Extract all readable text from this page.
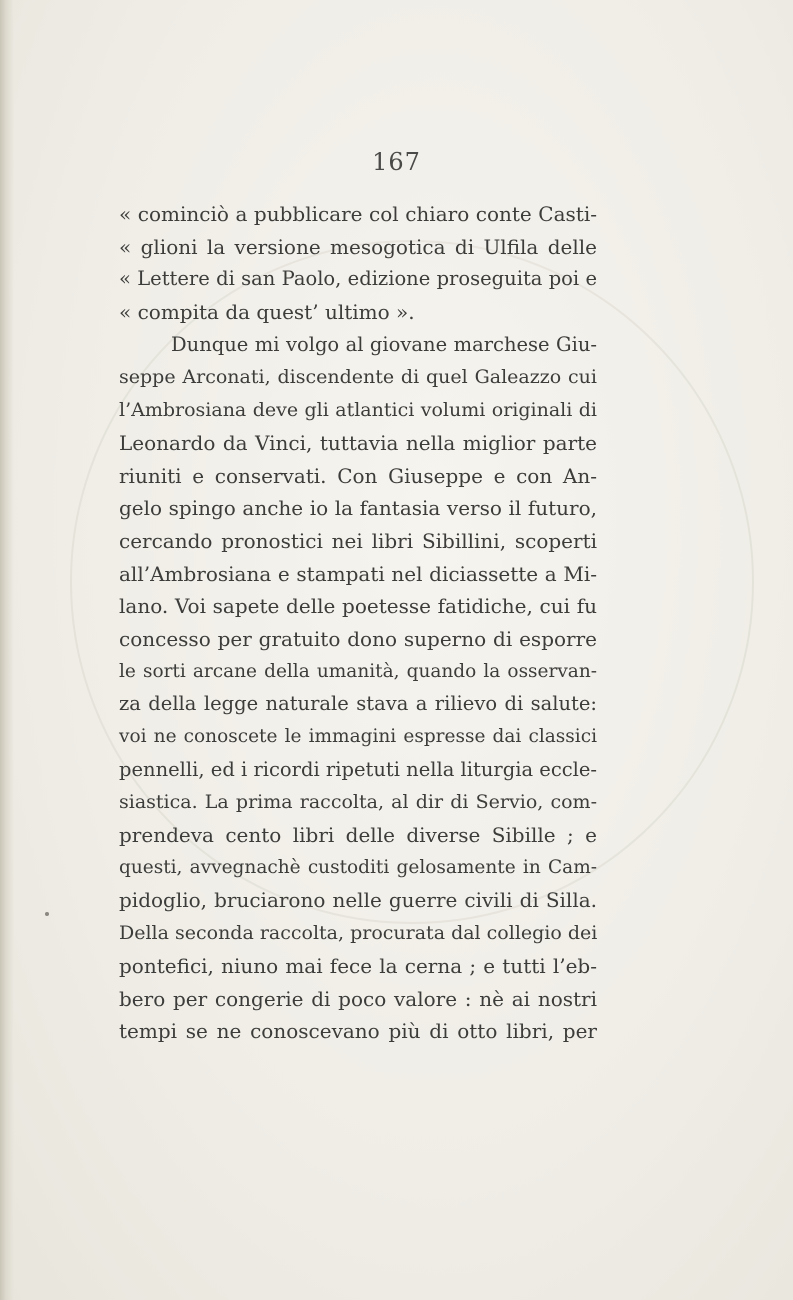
167
« cominciò a pubblicare col chiaro conte Casti-
« glioni la versione mesogotica di Ulfila delle
« Lettere di san Paolo, edizione proseguita poi e
« compita da quest’ ultimo ».
Dunque mi volgo al giovane marchese Giu-
seppe Arconati, discendente di quel Galeazzo cui
l’Ambrosiana deve gli atlantici volumi originali di
Leonardo da Vinci, tuttavia nella miglior parte
riuniti e conservati. Con Giuseppe e con An-
gelo spingo anche io la fantasia verso il futuro,
cercando pronostici nei libri Sibillini, scoperti
all’Ambrosiana e stampati nel diciassette a Mi-
lano. Voi sapete delle poetesse fatidiche, cui fu
concesso per gratuito dono superno di esporre
le sorti arcane della umanità, quando la osservan-
za della legge naturale stava a rilievo di salute:
voi ne conoscete le immagini espresse dai classici
pennelli, ed i ricordi ripetuti nella liturgia eccle-
siastica. La prima raccolta, al dir di Servio, com-
prendeva cento libri delle diverse Sibille ; e
questi, avvegnachè custoditi gelosamente in Cam-
pidoglio, bruciarono nelle guerre civili di Silla.
Della seconda raccolta, procurata dal collegio dei
pontefici, niuno mai fece la cerna ; e tutti l’eb-
bero per congerie di poco valore : nè ai nostri
tempi se ne conoscevano più di otto libri, per
